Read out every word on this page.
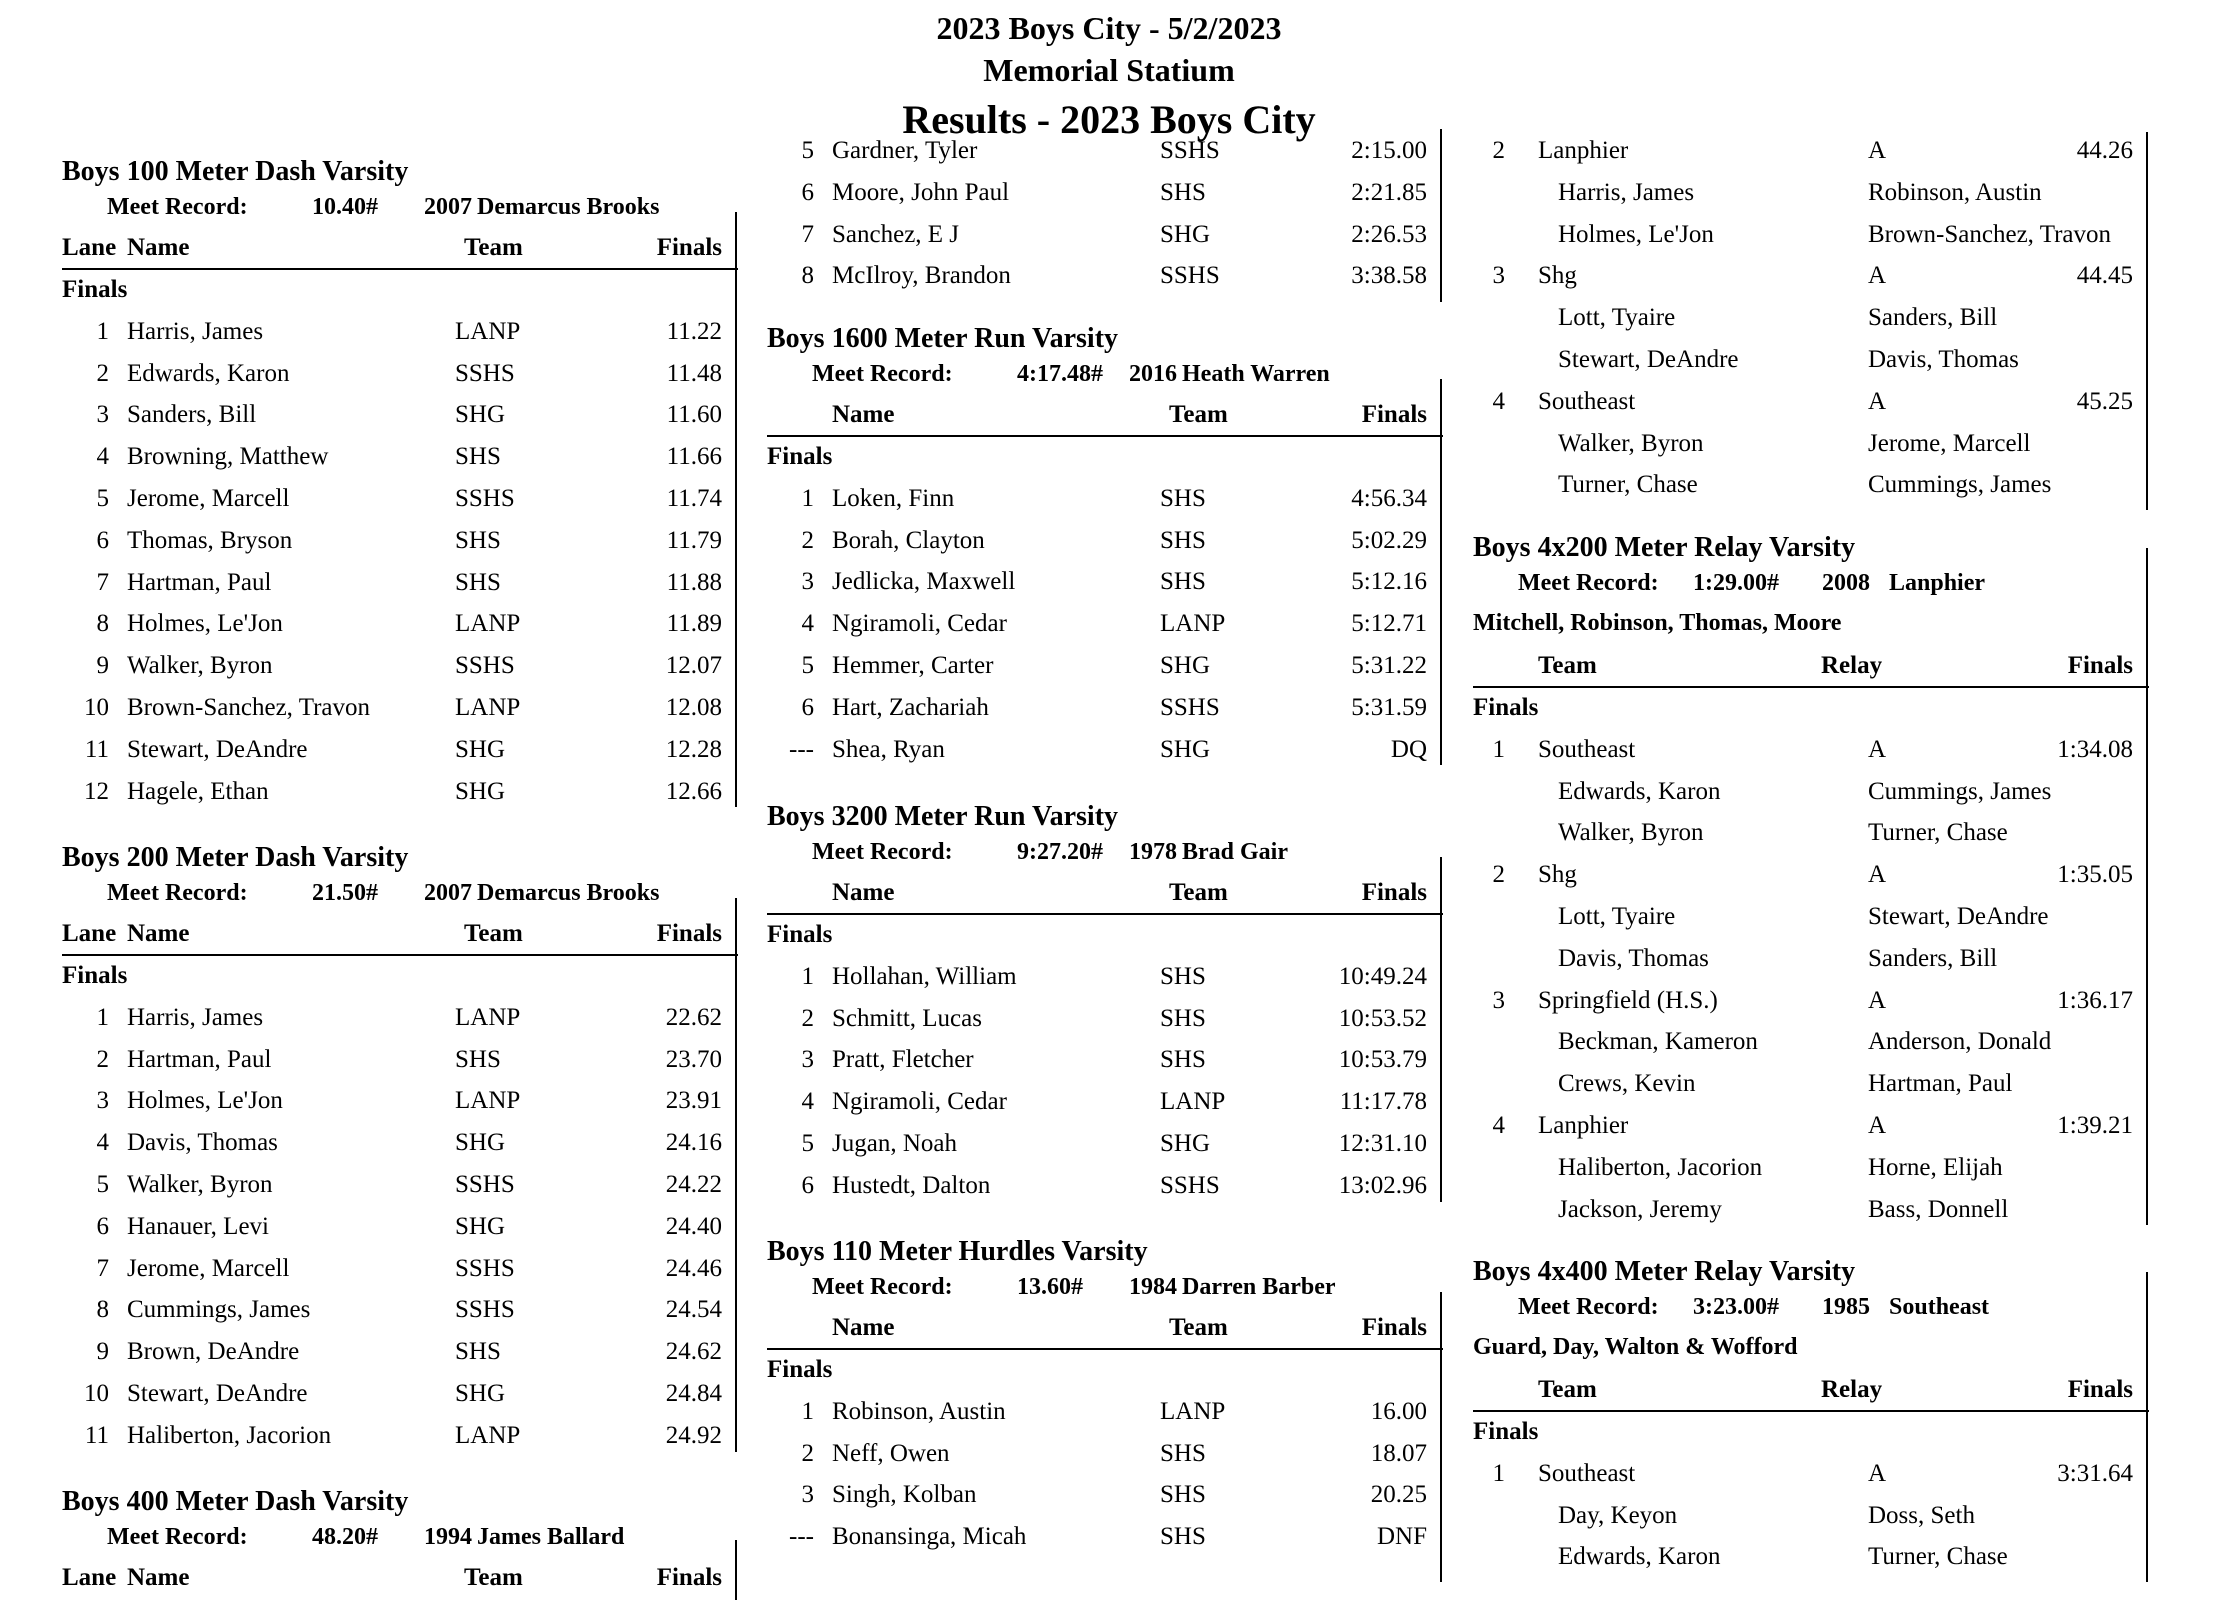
2023 Boys City - 5/2/2023
Memorial Statium
Results - 2023 Boys City
Boys 100 Meter Dash Varsity
Meet Record:	10.40# 2007 Demarcus Brooks
Lane Name	Team	Finals
Finals
1 Harris, James	LANP	11.22
2 Edwards, Karon	SSHS	11.48
3 Sanders, Bill	SHG	11.60
4 Browning, Matthew	SHS	11.66
5 Jerome, Marcell	SSHS	11.74
6 Thomas, Bryson	SHS	11.79
7 Hartman, Paul	SHS	11.88
8 Holmes, Le'Jon	LANP	11.89
9 Walker, Byron	SSHS	12.07
10 Brown-Sanchez, Travon	LANP	12.08
11 Stewart, DeAndre	SHG	12.28
12 Hagele, Ethan	SHG	12.66
Boys 200 Meter Dash Varsity
Meet Record:	21.50# 2007 Demarcus Brooks
Lane Name	Team	Finals
Finals
1 Harris, James	LANP	22.62
2 Hartman, Paul	SHS	23.70
3 Holmes, Le'Jon	LANP	23.91
4 Davis, Thomas	SHG	24.16
5 Walker, Byron	SSHS	24.22
6 Hanauer, Levi	SHG	24.40
7 Jerome, Marcell	SSHS	24.46
8 Cummings, James	SSHS	24.54
9 Brown, DeAndre	SHS	24.62
10 Stewart, DeAndre	SHG	24.84
11 Haliberton, Jacorion	LANP	24.92
Boys 400 Meter Dash Varsity
Meet Record:	48.20# 1994 James Ballard
Lane Name	Team	Finals
5 Gardner, Tyler	SSHS	2:15.00
6 Moore, John Paul	SHS	2:21.85
7 Sanchez, E J	SHG	2:26.53
8 McIlroy, Brandon	SSHS	3:38.58
Boys 1600 Meter Run Varsity
Meet Record:	4:17.48# 2016 Heath Warren
Name	Team	Finals
Finals
1 Loken, Finn	SHS	4:56.34
2 Borah, Clayton	SHS	5:02.29
3 Jedlicka, Maxwell	SHS	5:12.16
4 Ngiramoli, Cedar	LANP	5:12.71
5 Hemmer, Carter	SHG	5:31.22
6 Hart, Zachariah	SSHS	5:31.59
--- Shea, Ryan	SHG	DQ
Boys 3200 Meter Run Varsity
Meet Record:	9:27.20# 1978 Brad Gair
Name	Team	Finals
Finals
1 Hollahan, William	SHS	10:49.24
2 Schmitt, Lucas	SHS	10:53.52
3 Pratt, Fletcher	SHS	10:53.79
4 Ngiramoli, Cedar	LANP	11:17.78
5 Jugan, Noah	SHG	12:31.10
6 Hustedt, Dalton	SSHS	13:02.96
Boys 110 Meter Hurdles Varsity
Meet Record:	13.60# 1984 Darren Barber
Name	Team	Finals
Finals
1 Robinson, Austin	LANP	16.00
2 Neff, Owen	SHS	18.07
3 Singh, Kolban	SHS	20.25
--- Bonansinga, Micah	SHS	DNF
2 Lanphier	A	44.26
Harris, James	Robinson, Austin
Holmes, Le'Jon	Brown-Sanchez, Travon
3 Shg	A	44.45
Lott, Tyaire	Sanders, Bill
Stewart, DeAndre	Davis, Thomas
4 Southeast	A	45.25
Walker, Byron	Jerome, Marcell
Turner, Chase	Cummings, James
Boys 4x200 Meter Relay Varsity
Meet Record: 1:29.00# 2008 Lanphier
Mitchell, Robinson, Thomas, Moore
Team	Relay	Finals
Finals
1 Southeast	A	1:34.08
Edwards, Karon	Cummings, James
Walker, Byron	Turner, Chase
2 Shg	A	1:35.05
Lott, Tyaire	Stewart, DeAndre
Davis, Thomas	Sanders, Bill
3 Springfield (H.S.)	A	1:36.17
Beckman, Kameron	Anderson, Donald
Crews, Kevin	Hartman, Paul
4 Lanphier	A	1:39.21
Haliberton, Jacorion	Horne, Elijah
Jackson, Jeremy	Bass, Donnell
Boys 4x400 Meter Relay Varsity
Meet Record: 3:23.00# 1985 Southeast
Guard, Day, Walton & Wofford
Team	Relay	Finals
Finals
1 Southeast	A	3:31.64
Day, Keyon	Doss, Seth
Edwards, Karon	Turner, Chase
